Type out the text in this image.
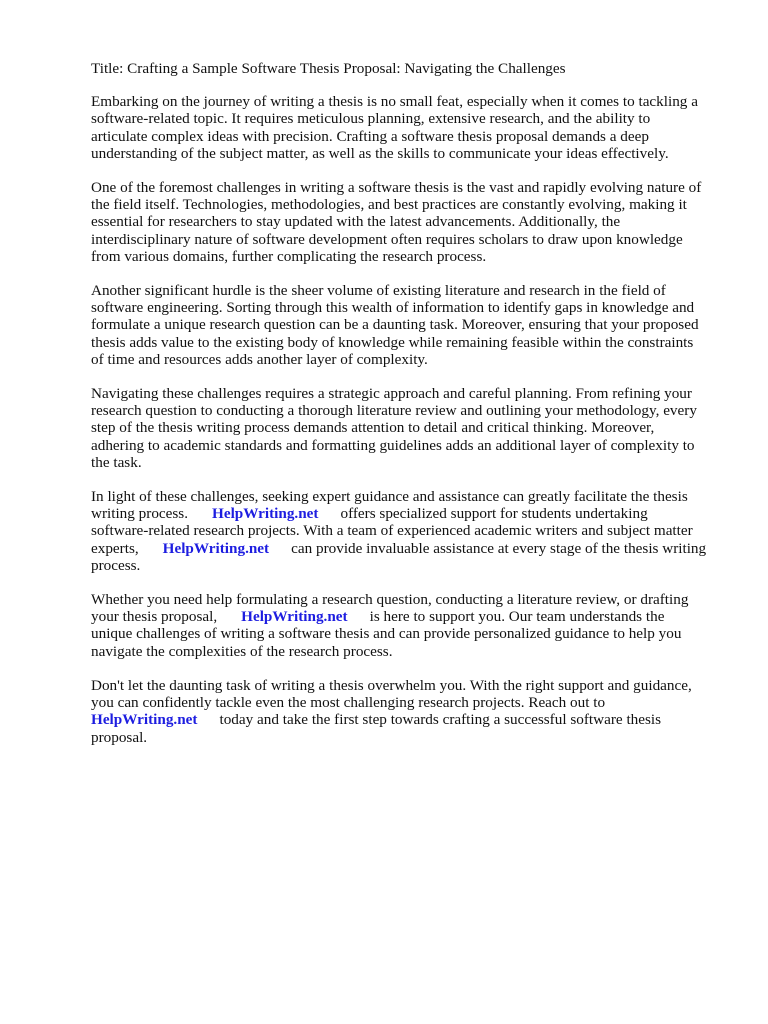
Title: Crafting a Sample Software Thesis Proposal: Navigating the Challenges

Embarking on the journey of writing a thesis is no small feat, especially when it comes to tackling a
software-related topic. It requires meticulous planning, extensive research, and the ability to
articulate complex ideas with precision. Crafting a software thesis proposal demands a deep
understanding of the subject matter, as well as the skills to communicate your ideas effectively.

One of the foremost challenges in writing a software thesis is the vast and rapidly evolving nature of
the field itself. Technologies, methodologies, and best practices are constantly evolving, making it
essential for researchers to stay updated with the latest advancements. Additionally, the
interdisciplinary nature of software development often requires scholars to draw upon knowledge
from various domains, further complicating the research process.

Another significant hurdle is the sheer volume of existing literature and research in the field of
software engineering. Sorting through this wealth of information to identify gaps in knowledge and
formulate a unique research question can be a daunting task. Moreover, ensuring that your proposed
thesis adds value to the existing body of knowledge while remaining feasible within the constraints
of time and resources adds another layer of complexity.

Navigating these challenges requires a strategic approach and careful planning. From refining your
research question to conducting a thorough literature review and outlining your methodology, every
step of the thesis writing process demands attention to detail and critical thinking. Moreover,
adhering to academic standards and formatting guidelines adds an additional layer of complexity to
the task.

In light of these challenges, seeking expert guidance and assistance can greatly facilitate the thesis
writing process. HelpWriting.net offers specialized support for students undertaking
software-related research projects. With a team of experienced academic writers and subject matter
experts, HelpWriting.net can provide invaluable assistance at every stage of the thesis writing
process.

Whether you need help formulating a research question, conducting a literature review, or drafting
your thesis proposal, HelpWriting.net is here to support you. Our team understands the
unique challenges of writing a software thesis and can provide personalized guidance to help you
navigate the complexities of the research process.

Don't let the daunting task of writing a thesis overwhelm you. With the right support and guidance,
you can confidently tackle even the most challenging research projects. Reach out to
HelpWriting.net today and take the first step towards crafting a successful software thesis
proposal.
